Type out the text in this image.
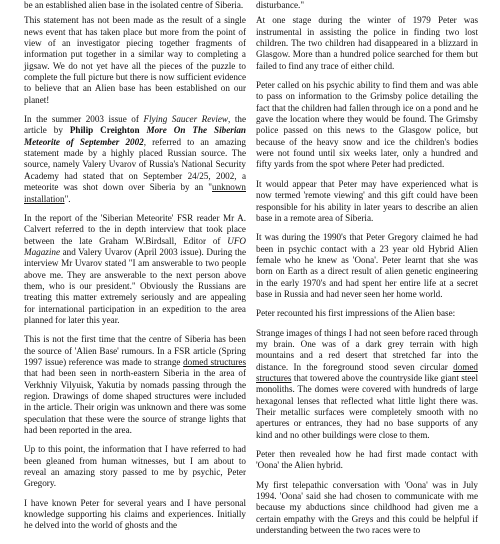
be an established alien base in the isolated centre of Siberia.

This statement has not been made as the result of a single news event that has taken place but more from the point of view of an investigator piecing together fragments of information put together in a similar way to completing a jigsaw. We do not yet have all the pieces of the puzzle to complete the full picture but there is now sufficient evidence to believe that an Alien base has been established on our planet!

In the summer 2003 issue of Flying Saucer Review, the article by Philip Creighton More On The Siberian Meteorite of September 2002, referred to an amazing statement made by a highly placed Russian source. The source, namely Valery Uvarov of Russia's National Security Academy had stated that on September 24/25, 2002, a meteorite was shot down over Siberia by an "unknown installation".

In the report of the 'Siberian Meteorite' FSR reader Mr A. Calvert referred to the in depth interview that took place between the late Graham W.Birdsall, Editor of UFO Magazine and Valery Uvarov (April 2003 issue). During the interview Mr Uvarov stated "I am answerable to two people above me. They are answerable to the next person above them, who is our president." Obviously the Russians are treating this matter extremely seriously and are appealing for international participation in an expedition to the area planned for later this year.

This is not the first time that the centre of Siberia has been the source of 'Alien Base' rumours. In a FSR article (Spring 1997 issue) reference was made to strange domed structures that had been seen in north-eastern Siberia in the area of Verkhniy Vilyuisk, Yakutia by nomads passing through the region. Drawings of dome shaped structures were included in the article. Their origin was unknown and there was some speculation that these were the source of strange lights that had been reported in the area.

Up to this point, the information that I have referred to had been gleaned from human witnesses, but I am about to reveal an amazing story passed to me by psychic, Peter Gregory.

I have known Peter for several years and I have personal knowledge supporting his claims and experiences. Initially he delved into the world of ghosts and the

disturbance."

At one stage during the winter of 1979 Peter was instrumental in assisting the police in finding two lost children. The two children had disappeared in a blizzard in Glasgow. More than a hundred police searched for them but failed to find any trace of either child.

Peter called on his psychic ability to find them and was able to pass on information to the Grimsby police detailing the fact that the children had fallen through ice on a pond and he gave the location where they would be found. The Grimsby police passed on this news to the Glasgow police, but because of the heavy snow and ice the children's bodies were not found until six weeks later, only a hundred and fifty yards from the spot where Peter had predicted.

It would appear that Peter may have experienced what is now termed 'remote viewing' and this gift could have been responsible for his ability in later years to describe an alien base in a remote area of Siberia.

It was during the 1990's that Peter Gregory claimed he had been in psychic contact with a 23 year old Hybrid Alien female who he knew as 'Oona'. Peter learnt that she was born on Earth as a direct result of alien genetic engineering in the early 1970's and had spent her entire life at a secret base in Russia and had never seen her home world.

Peter recounted his first impressions of the Alien base:

Strange images of things I had not seen before raced through my brain. One was of a dark grey terrain with high mountains and a red desert that stretched far into the distance. In the foreground stood seven circular domed structures that towered above the countryside like giant steel monoliths. The domes were covered with hundreds of large hexagonal lenses that reflected what little light there was. Their metallic surfaces were completely smooth with no apertures or entrances, they had no base supports of any kind and no other buildings were close to them.

Peter then revealed how he had first made contact with 'Oona' the Alien hybrid.

My first telepathic conversation with 'Oona' was in July 1994. 'Oona' said she had chosen to communicate with me because my abductions since childhood had given me a certain empathy with the Greys and this could be helpful if understanding between the two races were to
